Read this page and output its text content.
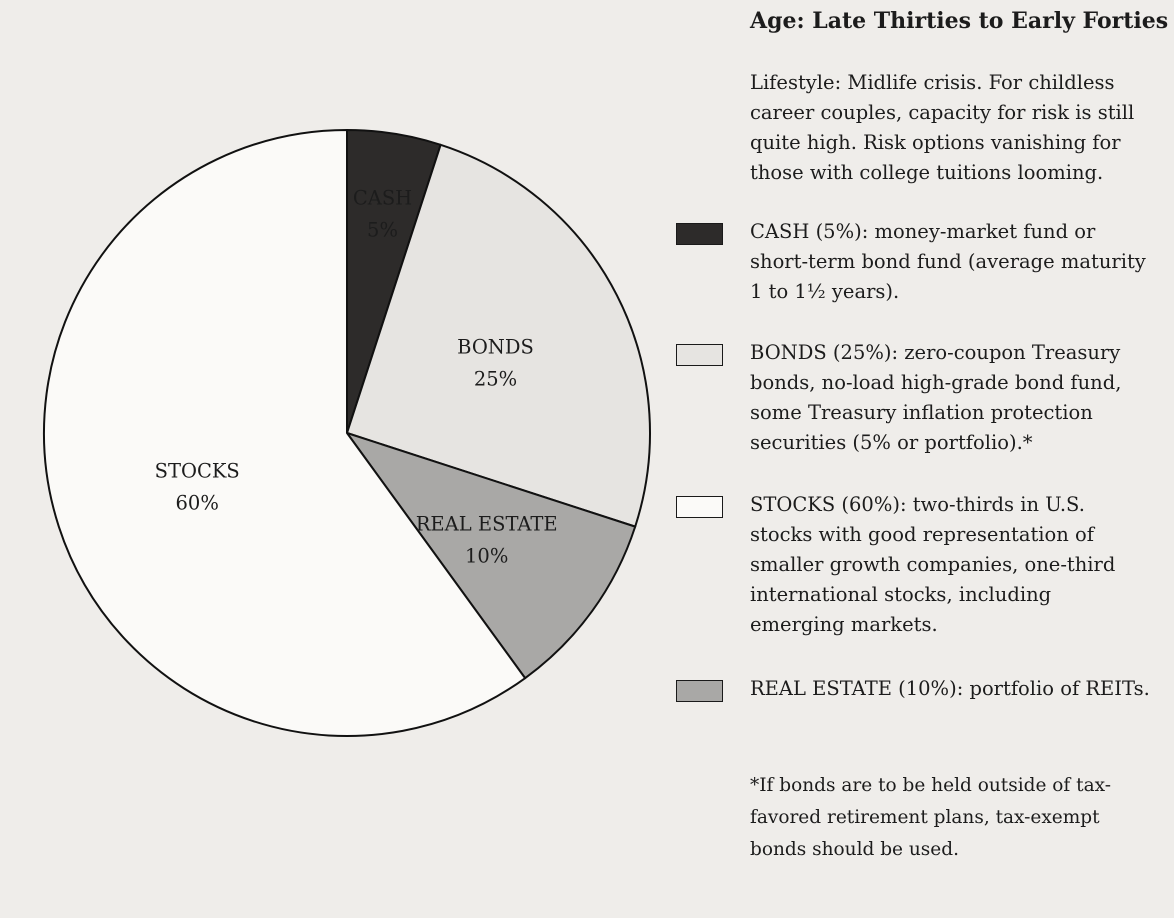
CASH
5%
BONDS
25%
REAL ESTATE
10%
STOCKS
60%

Age: Late Thirties to Early Forties

Lifestyle: Midlife crisis. For childless career couples, capacity for risk is still quite high. Risk options vanishing for those with college tuitions looming.
CASH (5%): money-market fund or short-term bond fund (average maturity 1 to 1½ years).
BONDS (25%): zero-coupon Treasury bonds, no-load high-grade bond fund, some Treasury inflation protection securities (5% or portfolio).*
STOCKS (60%): two-thirds in U.S. stocks with good representation of smaller growth companies, one-third international stocks, including emerging markets.
REAL ESTATE (10%): portfolio of REITs.
*If bonds are to be held outside of tax-favored retirement plans, tax-exempt bonds should be used.
